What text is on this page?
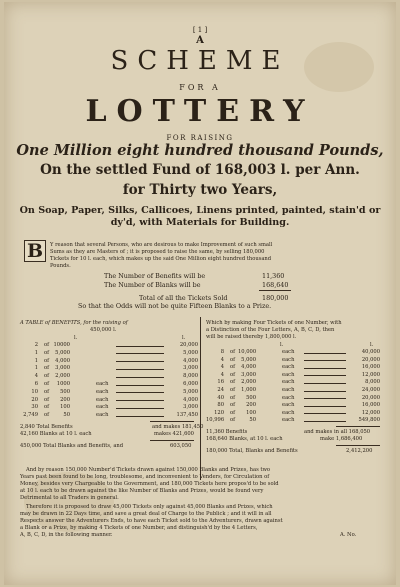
[ 1 ]
A
SCHEME
FOR A
LOTTERY
FOR RAISING
One Million eight hundred thousand Pounds,
On the settled Fund of 168,003 l. per Ann.
for Thirty two Years,
On Soap, Paper, Silks, Callicoes, Linens printed, painted, stain'd or
dy'd, with Materials for Building.
B	Y reason that several Persons, who are desirous to make Improvement of such small
Sums as they are Masters of ; it is proposed to raise the same, by selling 180,000
Tickets for 10 l. each, which makes up the said One Million eight hundred thousand
Pounds.
The Number of Benefits will be	11,360
The Number of Blanks will be	168,640
Total of all the Tickets Sold	180,000
So that the Odds will not be quite Fifteen Blanks to a Prize.
A TABLE of BENEFITS, for the raising of
450,000 l.
l.	l.
2 of 10000	20,000
1 of	5,000	5,000
1 of	4,000	4,000
1 of	3,000	3,000
4 of	2,000	8,000
6 of	1000	each	6,000
10 of	500	each	5,000
20 of	200	each	4,000
30 of	100	each	3,000
2,749 of	50	each	137,450
2,840 Total Benefits	and makes 181,450
42,160 Blanks at 10 l. each	makes 421,600
450,000 Total Blanks and Benefits, and	603,050
Which by making Four Tickets of one Number, with
a Distinction of the Four Letters, A, B, C, D, then
will be raised thereby 1,800,000 l.
l.	l.
8 of 10,000	each	40,000
4 of	5,000	each	20,000
4 of	4,000	each	16,000
4 of	3,000	each	12,000
16 of	2,000	each	8,000
24 of	1,000	each	24,000
40 of	500	each	20,000
80 of	200	each	16,000
120 of	100	each	12,000
10,996 of	50	each	549,800
11,360 Benefits	and makes in all 168,050
168,640 Blanks, at 10 l. each	make 1,686,400
180,000 Total, Blanks and Benefits	2,412,200
And by reason 150,000 Number'd Tickets drawn against 150,000 Blanks and Prizes, has two
Years past been found to be long, troublesome, and inconvenient to Venders, for Circulation of
Money, besides very Chargeable to the Government, and 180,000 Tickets here propos'd to be sold
at 10 l. each to be drawn against the like Number of Blanks and Prizes, would be found very
Detrimental to all Traders in general.
Therefore it is proposed to draw 45,000 Tickets only against 45,000 Blanks and Prizes, which
may be drawn in 22 Days time, and save a great deal of Charge to the Publick ; and it will in all
Respects answer the Adventurers Ends, to have each Ticket sold to the Adventurers, drawn against
a Blank or a Prize, by making 4 Tickets of one Number, and distinguish'd by the 4 Letters,
A, B, C, D, in the following manner.	A. No.
